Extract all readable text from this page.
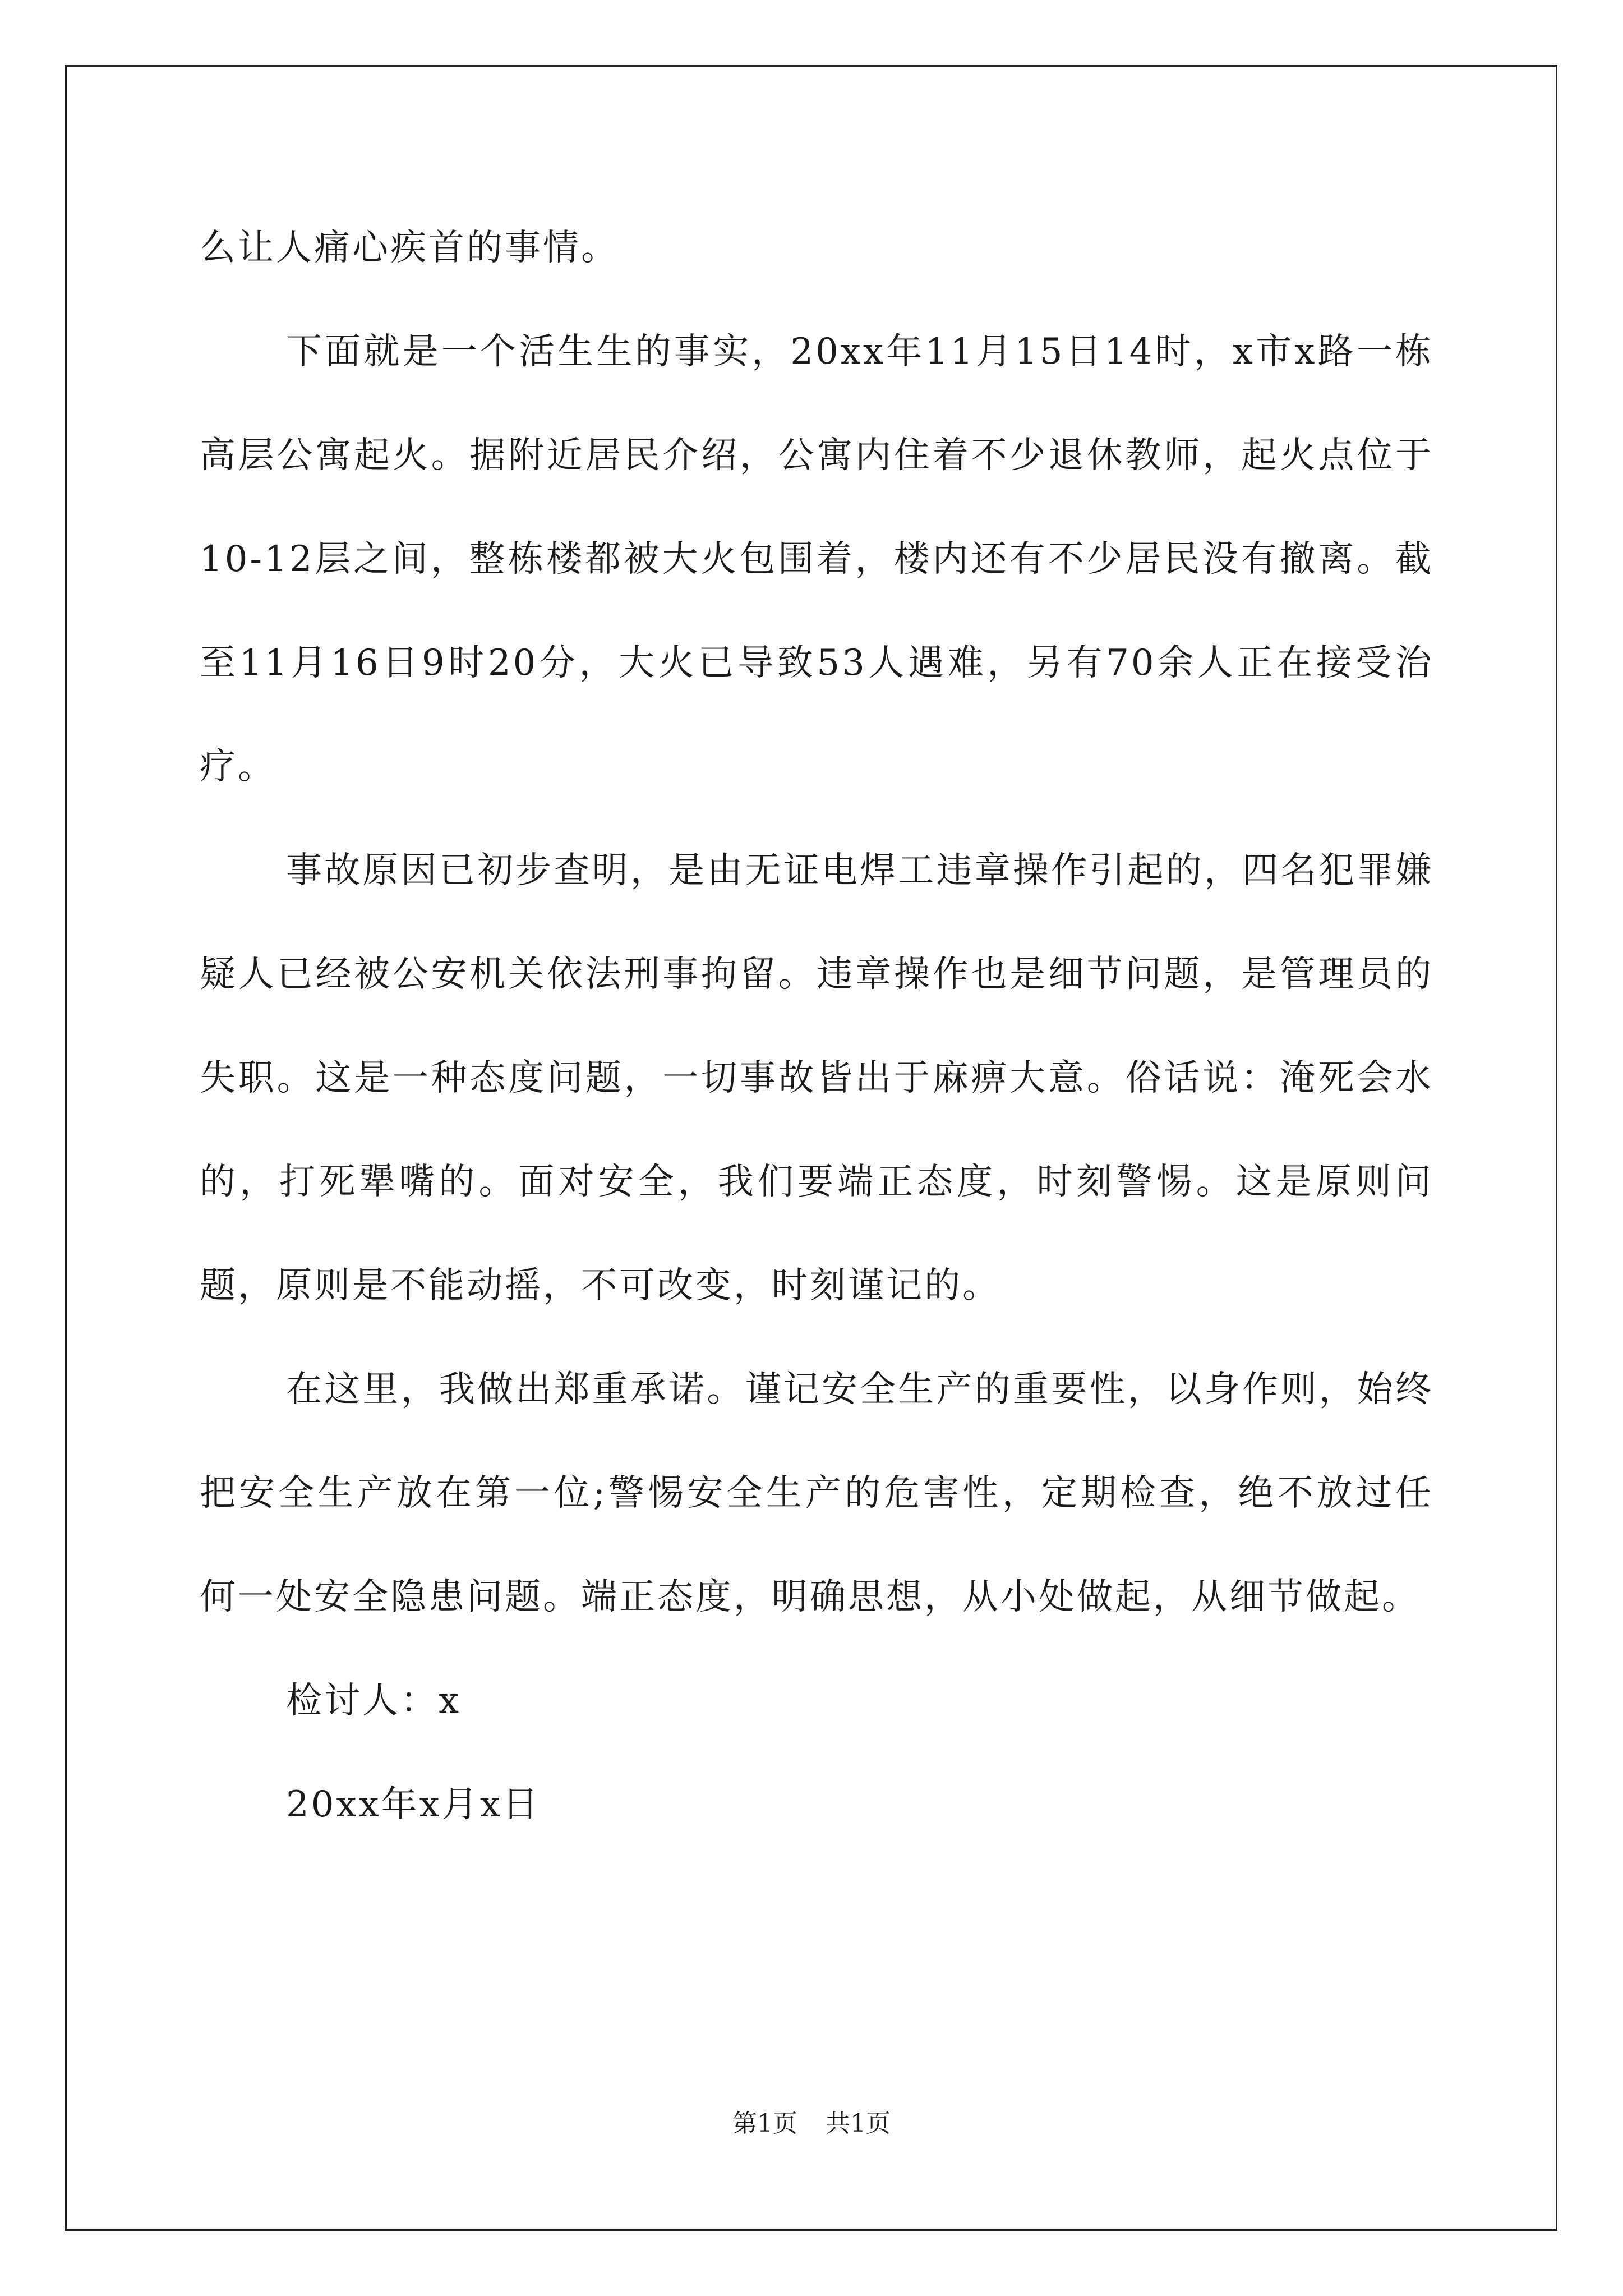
么让人痛心疾首的事情。

下面就是一个活生生的事实，20xx年11月15日14时，x市x路一栋高层公寓起火。据附近居民介绍，公寓内住着不少退休教师，起火点位于10-12层之间，整栋楼都被大火包围着，楼内还有不少居民没有撤离。截至11月16日9时20分，大火已导致53人遇难，另有70余人正在接受治疗。

事故原因已初步查明，是由无证电焊工违章操作引起的，四名犯罪嫌疑人已经被公安机关依法刑事拘留。违章操作也是细节问题，是管理员的失职。这是一种态度问题，一切事故皆出于麻痹大意。俗话说：淹死会水的，打死犟嘴的。面对安全，我们要端正态度，时刻警惕。这是原则问题，原则是不能动摇，不可改变，时刻谨记的。

在这里，我做出郑重承诺。谨记安全生产的重要性，以身作则，始终把安全生产放在第一位;警惕安全生产的危害性，定期检查，绝不放过任何一处安全隐患问题。端正态度，明确思想，从小处做起，从细节做起。

检讨人：x

20xx年x月x日

第1页 共1页
